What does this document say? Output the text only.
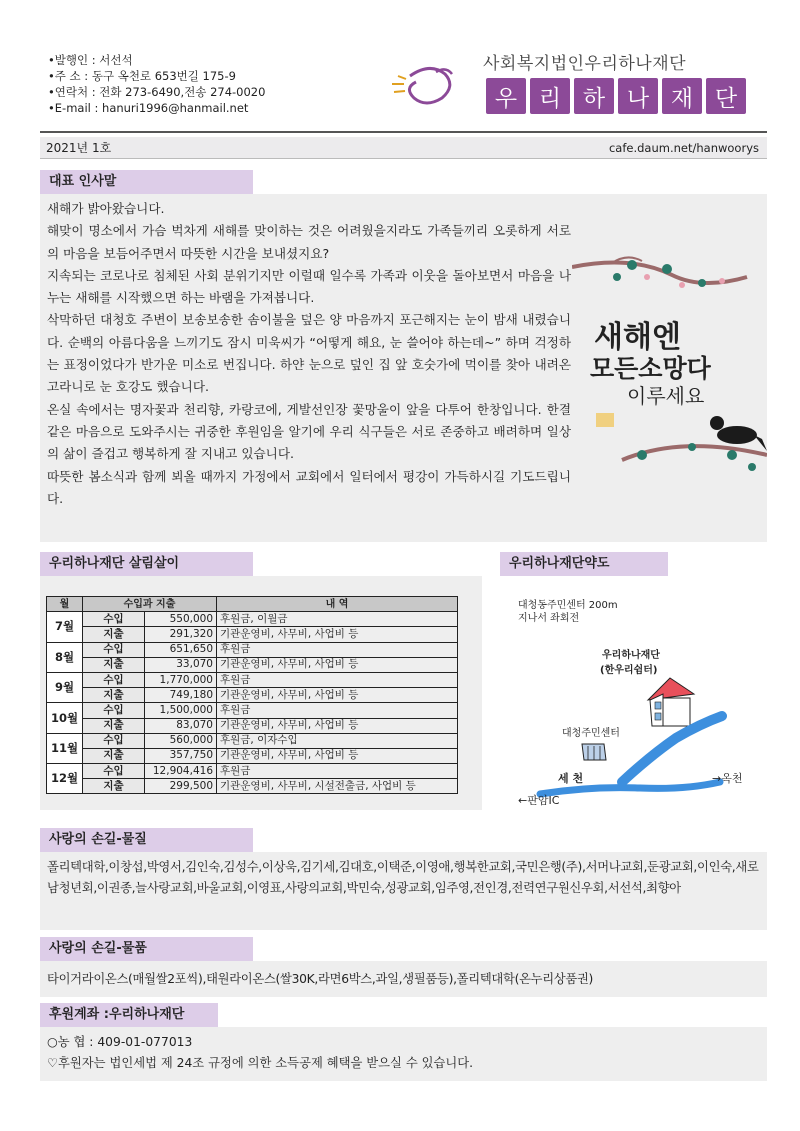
•발행인 : 서선석
•주 소 : 동구 옥천로 653번길 175-9
•연락처 : 전화 273-6490,전송 274-0020
•E-mail : hanuri1996@hanmail.net
사회복지법인우리하나재단
우 리 하 나 재 단
2021년 1호	cafe.daum.net/hanwoorys
대표 인사말

새해가 밝아왔습니다.

해맞이 명소에서 가슴 벅차게 새해를 맞이하는 것은 어려웠을지라도 가족들끼리 오롯하게 서로의 마음을 보듬어주면서 따뜻한 시간을 보내셨지요?

지속되는 코로나로 침체된 사회 분위기지만 이럴때 일수록 가족과 이웃을 돌아보면서 마음을 나누는 새해를 시작했으면 하는 바램을 가져봅니다.

삭막하던 대청호 주변이 보송보송한 솜이불을 덮은 양 마음까지 포근해지는 눈이 밤새 내렸습니다. 순백의 아름다움을 느끼기도 잠시 미욱씨가 “어떻게 해요, 눈 쓸어야 하는데~” 하며 걱정하는 표정이었다가 반가운 미소로 번집니다. 하얀 눈으로 덮인 집 앞 호숫가에 먹이를 찾아 내려온 고라니로 눈 호강도 했습니다.

온실 속에서는 명자꽃과 천리향, 카랑코에, 게발선인장 꽃망울이 앞을 다투어 한창입니다. 한결같은 마음으로 도와주시는 귀중한 후원임을 알기에 우리 식구들은 서로 존중하고 배려하며 일상의 삶이 즐겁고 행복하게 잘 지내고 있습니다.

따뜻한 봄소식과 함께 뵈올 때까지 가정에서 교회에서 일터에서 평강이 가득하시길 기도드립니다.

새해엔
모든소망다
이루세요
우리하나재단 살림살이
월	수입과 지출		내 역
7월	수입	550,000	후원금, 이월금
	지출	291,320	기관운영비, 사무비, 사업비 등
8월	수입	651,650	후원금
	지출	33,070	기관운영비, 사무비, 사업비 등
9월	수입	1,770,000	후원금
	지출	749,180	기관운영비, 사무비, 사업비 등
10월	수입	1,500,000	후원금
	지출	83,070	기관운영비, 사무비, 사업비 등
11월	수입	560,000	후원금, 이자수입
	지출	357,750	기관운영비, 사무비, 사업비 등
12월	수입	12,904,416	후원금
	지출	299,500	기관운영비, 사무비, 시설전출금, 사업비 등
우리하나재단약도
대청동주민센터 200m
지나서 좌회전
우리하나재단
(한우리쉼터)
대청주민센터
세 천	→옥천
←판암IC
사랑의 손길-물질
폴리텍대학,이창섭,박영서,김인숙,김성수,이상욱,김기세,김대호,이택준,이영애,행복한교회,국민은행(주),서머나교회,둔광교회,이인숙,새로남청년회,이권종,늘사랑교회,바울교회,이영표,사랑의교회,박민숙,성광교회,임주영,전인경,전력연구원신우회,서선석,최향아
사랑의 손길-물품
타이거라이온스(매월쌀2포씩),태원라이온스(쌀30K,라면6박스,과일,생필품등),폴리텍대학(온누리상품권)
후원계좌 :우리하나재단
○농 협 : 409-01-077013
♡후원자는 법인세법 제 24조 규정에 의한 소득공제 혜택을 받으실 수 있습니다.
